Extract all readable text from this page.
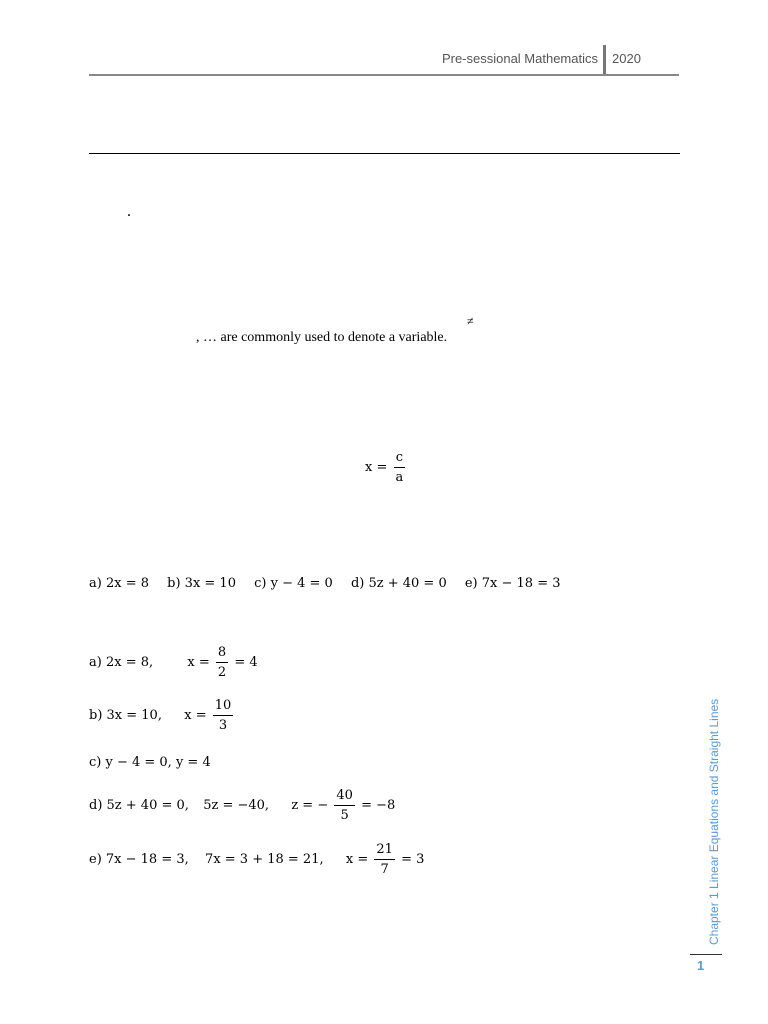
Pre-sessional Mathematics 2020
.
≠
, … are commonly used to denote a variable.
$x = \frac{c}{a}$
a) 2x = 8 b) 3x = 10 c) y − 4 = 0 d) 5z + 40 = 0 e) 7x − 18 = 3
a) 2x = 8,	$x = \frac{8}{2} = 4$
b) 3x = 10, $x = \frac{10}{3}$
c) y − 4 = 0, y = 4
d) 5z + 40 = 0, 5z = −40, z = − $\frac{40}{5} = -8$
e) 7x − 18 = 3, 7x = 3 + 18 = 21, $x = \frac{21}{7} = 3$	Chapter 1 Linear Equations and Straight Lines
1
